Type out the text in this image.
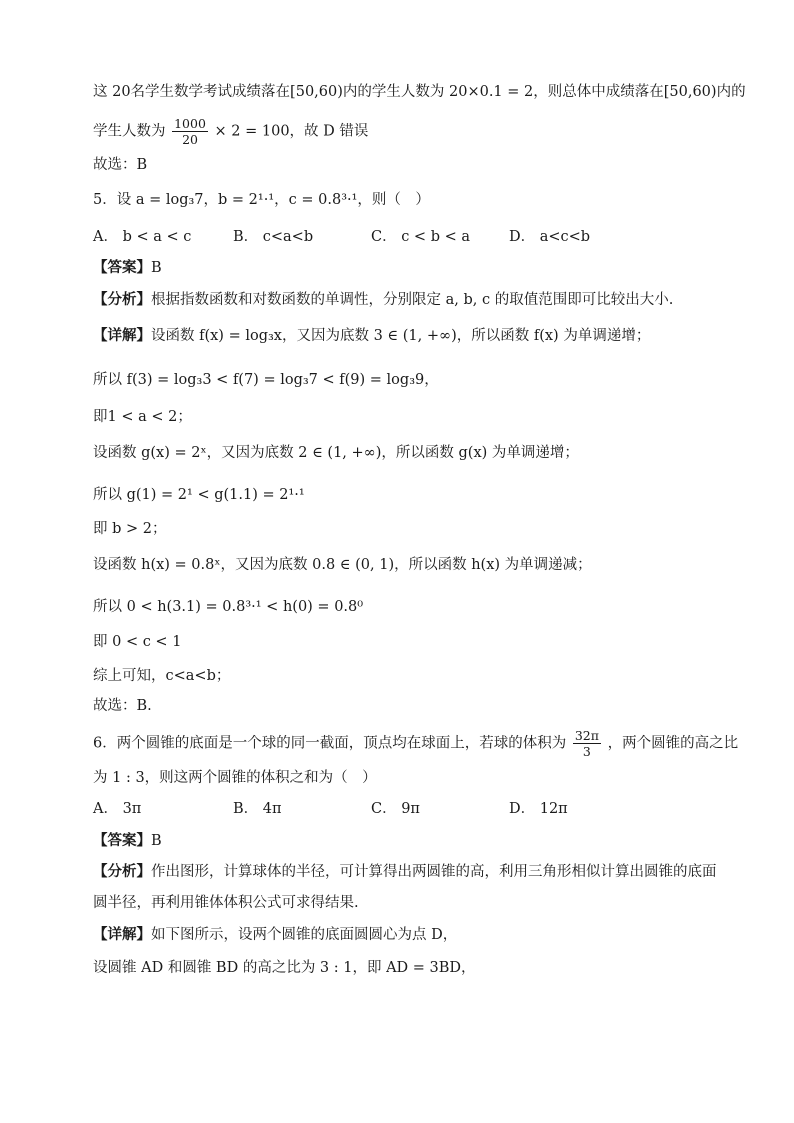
这 20名学生数学考试成绩落在[50,60)内的学生人数为 20×0.1 = 2，则总体中成绩落在[50,60)内的
学生人数为 $\frac{1000}{20} \times 2 = 100$，故 D 错误
故选：B
5．设 a = log₃7，b = 2¹·¹，c = 0.8³·¹，则（　）
A． b < a < c	B． c<a<b	C． c < b < a	D． a<c<b
【答案】B
【分析】根据指数函数和对数函数的单调性，分别限定 a, b, c 的取值范围即可比较出大小.
【详解】设函数 f(x) = log₃x，又因为底数 3 ∈ (1, +∞)，所以函数 f(x) 为单调递增；
所以 f(3) = log₃3 < f(7) = log₃7 < f(9) = log₃9，
即1 < a < 2；
设函数 g(x) = 2ˣ，又因为底数 2 ∈ (1, +∞)，所以函数 g(x) 为单调递增；
所以 g(1) = 2¹ < g(1.1) = 2¹·¹
即 b > 2；
设函数 h(x) = 0.8ˣ，又因为底数 0.8 ∈ (0, 1)，所以函数 h(x) 为单调递减；
所以 0 < h(3.1) = 0.8³·¹ < h(0) = 0.8⁰
即 0 < c < 1
综上可知，c<a<b；
故选：B.
6．两个圆锥的底面是一个球的同一截面，顶点均在球面上，若球的体积为 $\frac{32\pi}{3}$ ，两个圆锥的高之比
为 1 : 3，则这两个圆锥的体积之和为（　）
A． 3π	B． 4π	C． 9π	D． 12π
【答案】B
【分析】作出图形，计算球体的半径，可计算得出两圆锥的高，利用三角形相似计算出圆锥的底面
圆半径，再利用锥体体积公式可求得结果.
【详解】如下图所示，设两个圆锥的底面圆圆心为点 D，
设圆锥 AD 和圆锥 BD 的高之比为 3 : 1，即 AD = 3BD，
